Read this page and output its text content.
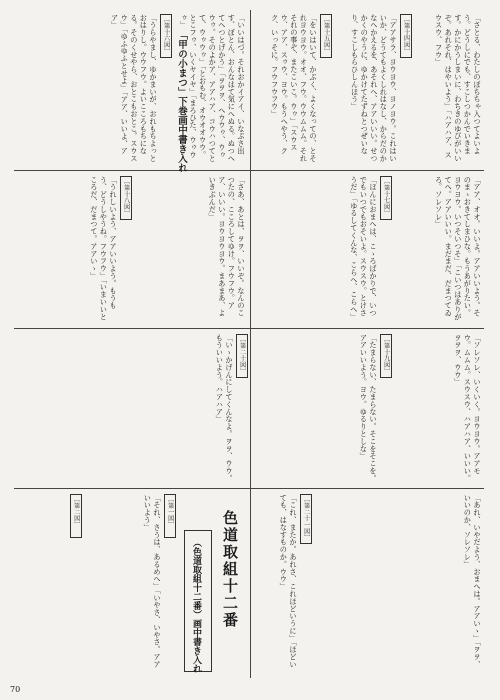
「さとる、わたしのぼちちゃ入つてよいよう。どうしにでも、すこしつかんでいきます。かにかうしまいに、わちきのゆびがいいぞ。あれそれ、はやいよう」「ハアハア、スウスウ、フウ」
［第十四図］
「アアサラ、ヨウヨウ、ヨノヨウ。これはいいか、どうてもよくしれはなし、からだのかなへかえるを、あそれへ、アアいいい。せつかくのやうに、ゆかけてたずねとつぜいなり、すこしもらひしんほう」
［第十五図］
「をいはいて、かぶく、よくなっての、とそれヨウヨウ。オオ、フウ。ウウムムム。それそれの事ぞ、またこいこ。ウゥ」「スウスウ、アア、スゥウ、ヨウ。もうへやう、クク、いっそに。フウフウフウ」
「いいはづ。それおかイアイ、いなぶさ出す、ぼとん、おんなはて気にへぬる。ぬつへてへつとげかう」「ヲヲヲ、へウウゥ、ウゥウゥ。そのよかア、アアハア、コウハつてとて、ウゥウゥ」「とおもむ、オウオオウウ。とこフゥ、いくヤイヤ」「まろひた、ウゥウゥ」
「甲の小まつ」下巻画中書き入れ
［第十六図］
「うらやまし、ゆかまいが、おれもちよっとおはりし。ウウフウ。よいこころもちになる。そのくせやら、おとこもおとこ。スウスウ」「ゆふゆふとせよ」「アア、いいよ、アア」
「アア、オオ。いいよ。アアいいよう。そのまゝおきてしまひな。もうあがりたい。ヨウヨウ。いつそいつそ」「こいつはありがてへ。アアいいい。まだまだ、だまつてゐろ。ソレソレ」
［第十七図］
「ほんにおまへは、こゝろばかりで、いつでもいつでもおそいよ。スウスウ。とけさうだ」「ゆるしてくんな、こらへ、こらへ」
「さあ、あとは、ヲヲ、いいぞ。なんのこつたの、こころしてゆけ。フウフウ。アア、いいい。ヨウヨウヨウ。まあまあ、よいきぶんだ」
［第十八図］
「うれしいよう、アアいいよう。もうもう、どうしやうね。フウフウ」「いまいいところだ、だまつて。アアいゝ」
「ソレソレ、いくいく。ヨウヨウ。アアモウ。ムムム。スウスウ、ハアハア、いいい。ヲヲヲ、ウウ」
［第十九図］
「たまらない、たまらない。そこをそこを。アアいいよう。ヨウ。ゆるりとしな」
［第二十図］
「いゝかげんにしてくんなよ。ヲヲ、ウウ。もういいよう。ハアハア」
「あれ、いやだよう、おまへは。アアいゝ」「ヲヲ、いいのか、ソレソレ」
［第二十一図］
「これ、またか。あれさ、これほどいうに」「ほどいても、はなすものか。ウウ」
色道取組十二番
（色道取組十二番）画中書き入れ
［第一図］
「それ、さうは、あるめへ」「いやさ、いやさ。アアいいよう」
［第二図］
70
